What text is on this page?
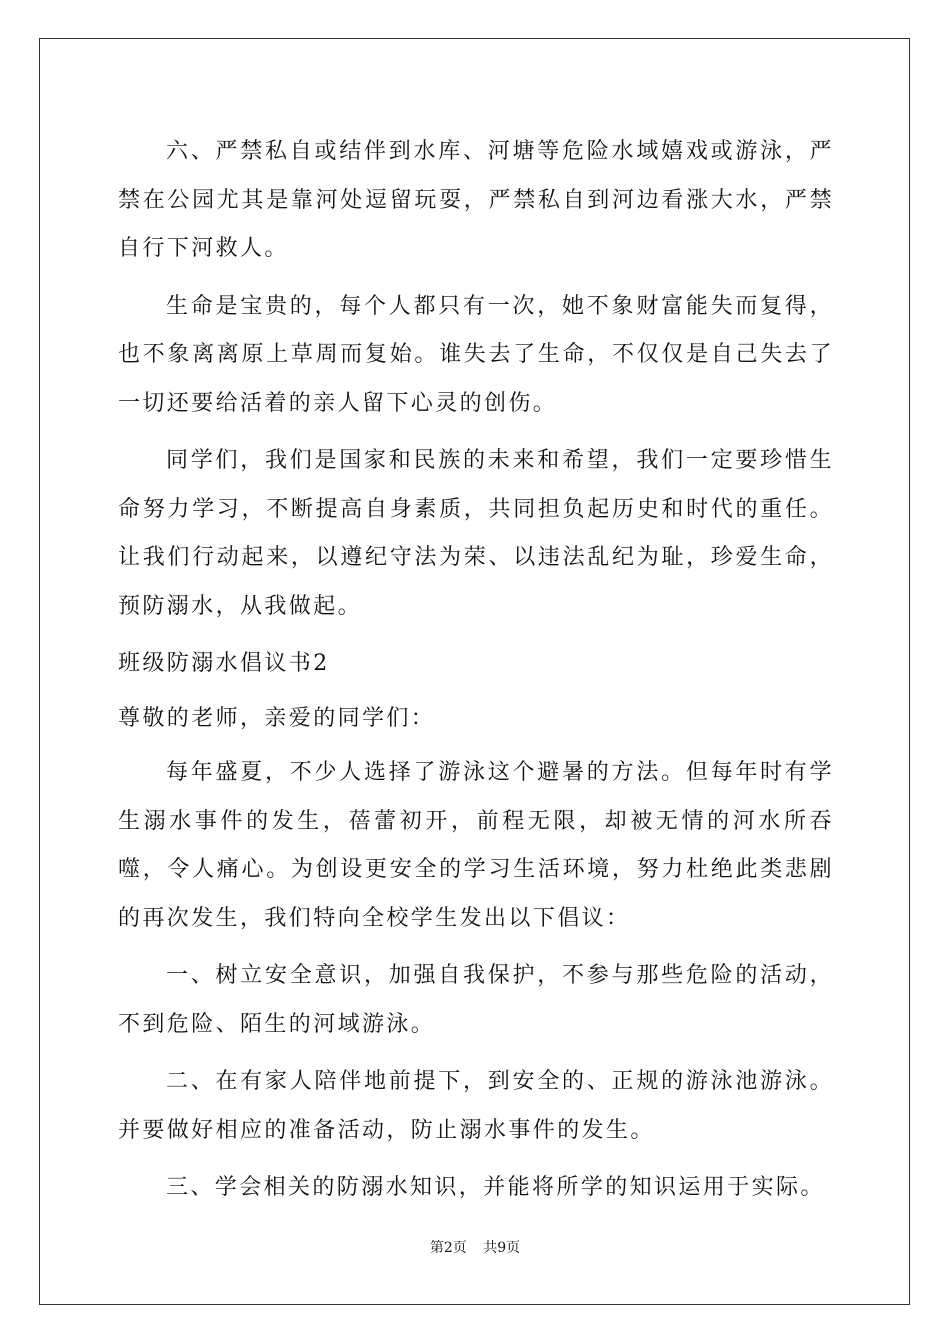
六、严禁私自或结伴到水库、河塘等危险水域嬉戏或游泳，严禁在公园尤其是靠河处逗留玩耍，严禁私自到河边看涨大水，严禁自行下河救人。

生命是宝贵的，每个人都只有一次，她不象财富能失而复得，也不象离离原上草周而复始。谁失去了生命，不仅仅是自己失去了一切还要给活着的亲人留下心灵的创伤。

同学们，我们是国家和民族的未来和希望，我们一定要珍惜生命努力学习，不断提高自身素质，共同担负起历史和时代的重任。让我们行动起来，以遵纪守法为荣、以违法乱纪为耻，珍爱生命，预防溺水，从我做起。

班级防溺水倡议书2

尊敬的老师，亲爱的同学们：

每年盛夏，不少人选择了游泳这个避暑的方法。但每年时有学生溺水事件的发生，蓓蕾初开，前程无限，却被无情的河水所吞噬，令人痛心。为创设更安全的学习生活环境，努力杜绝此类悲剧的再次发生，我们特向全校学生发出以下倡议：

一、树立安全意识，加强自我保护，不参与那些危险的活动，不到危险、陌生的河域游泳。

二、在有家人陪伴地前提下，到安全的、正规的游泳池游泳。并要做好相应的准备活动，防止溺水事件的发生。

三、学会相关的防溺水知识，并能将所学的知识运用于实际。

第2页 共9页
